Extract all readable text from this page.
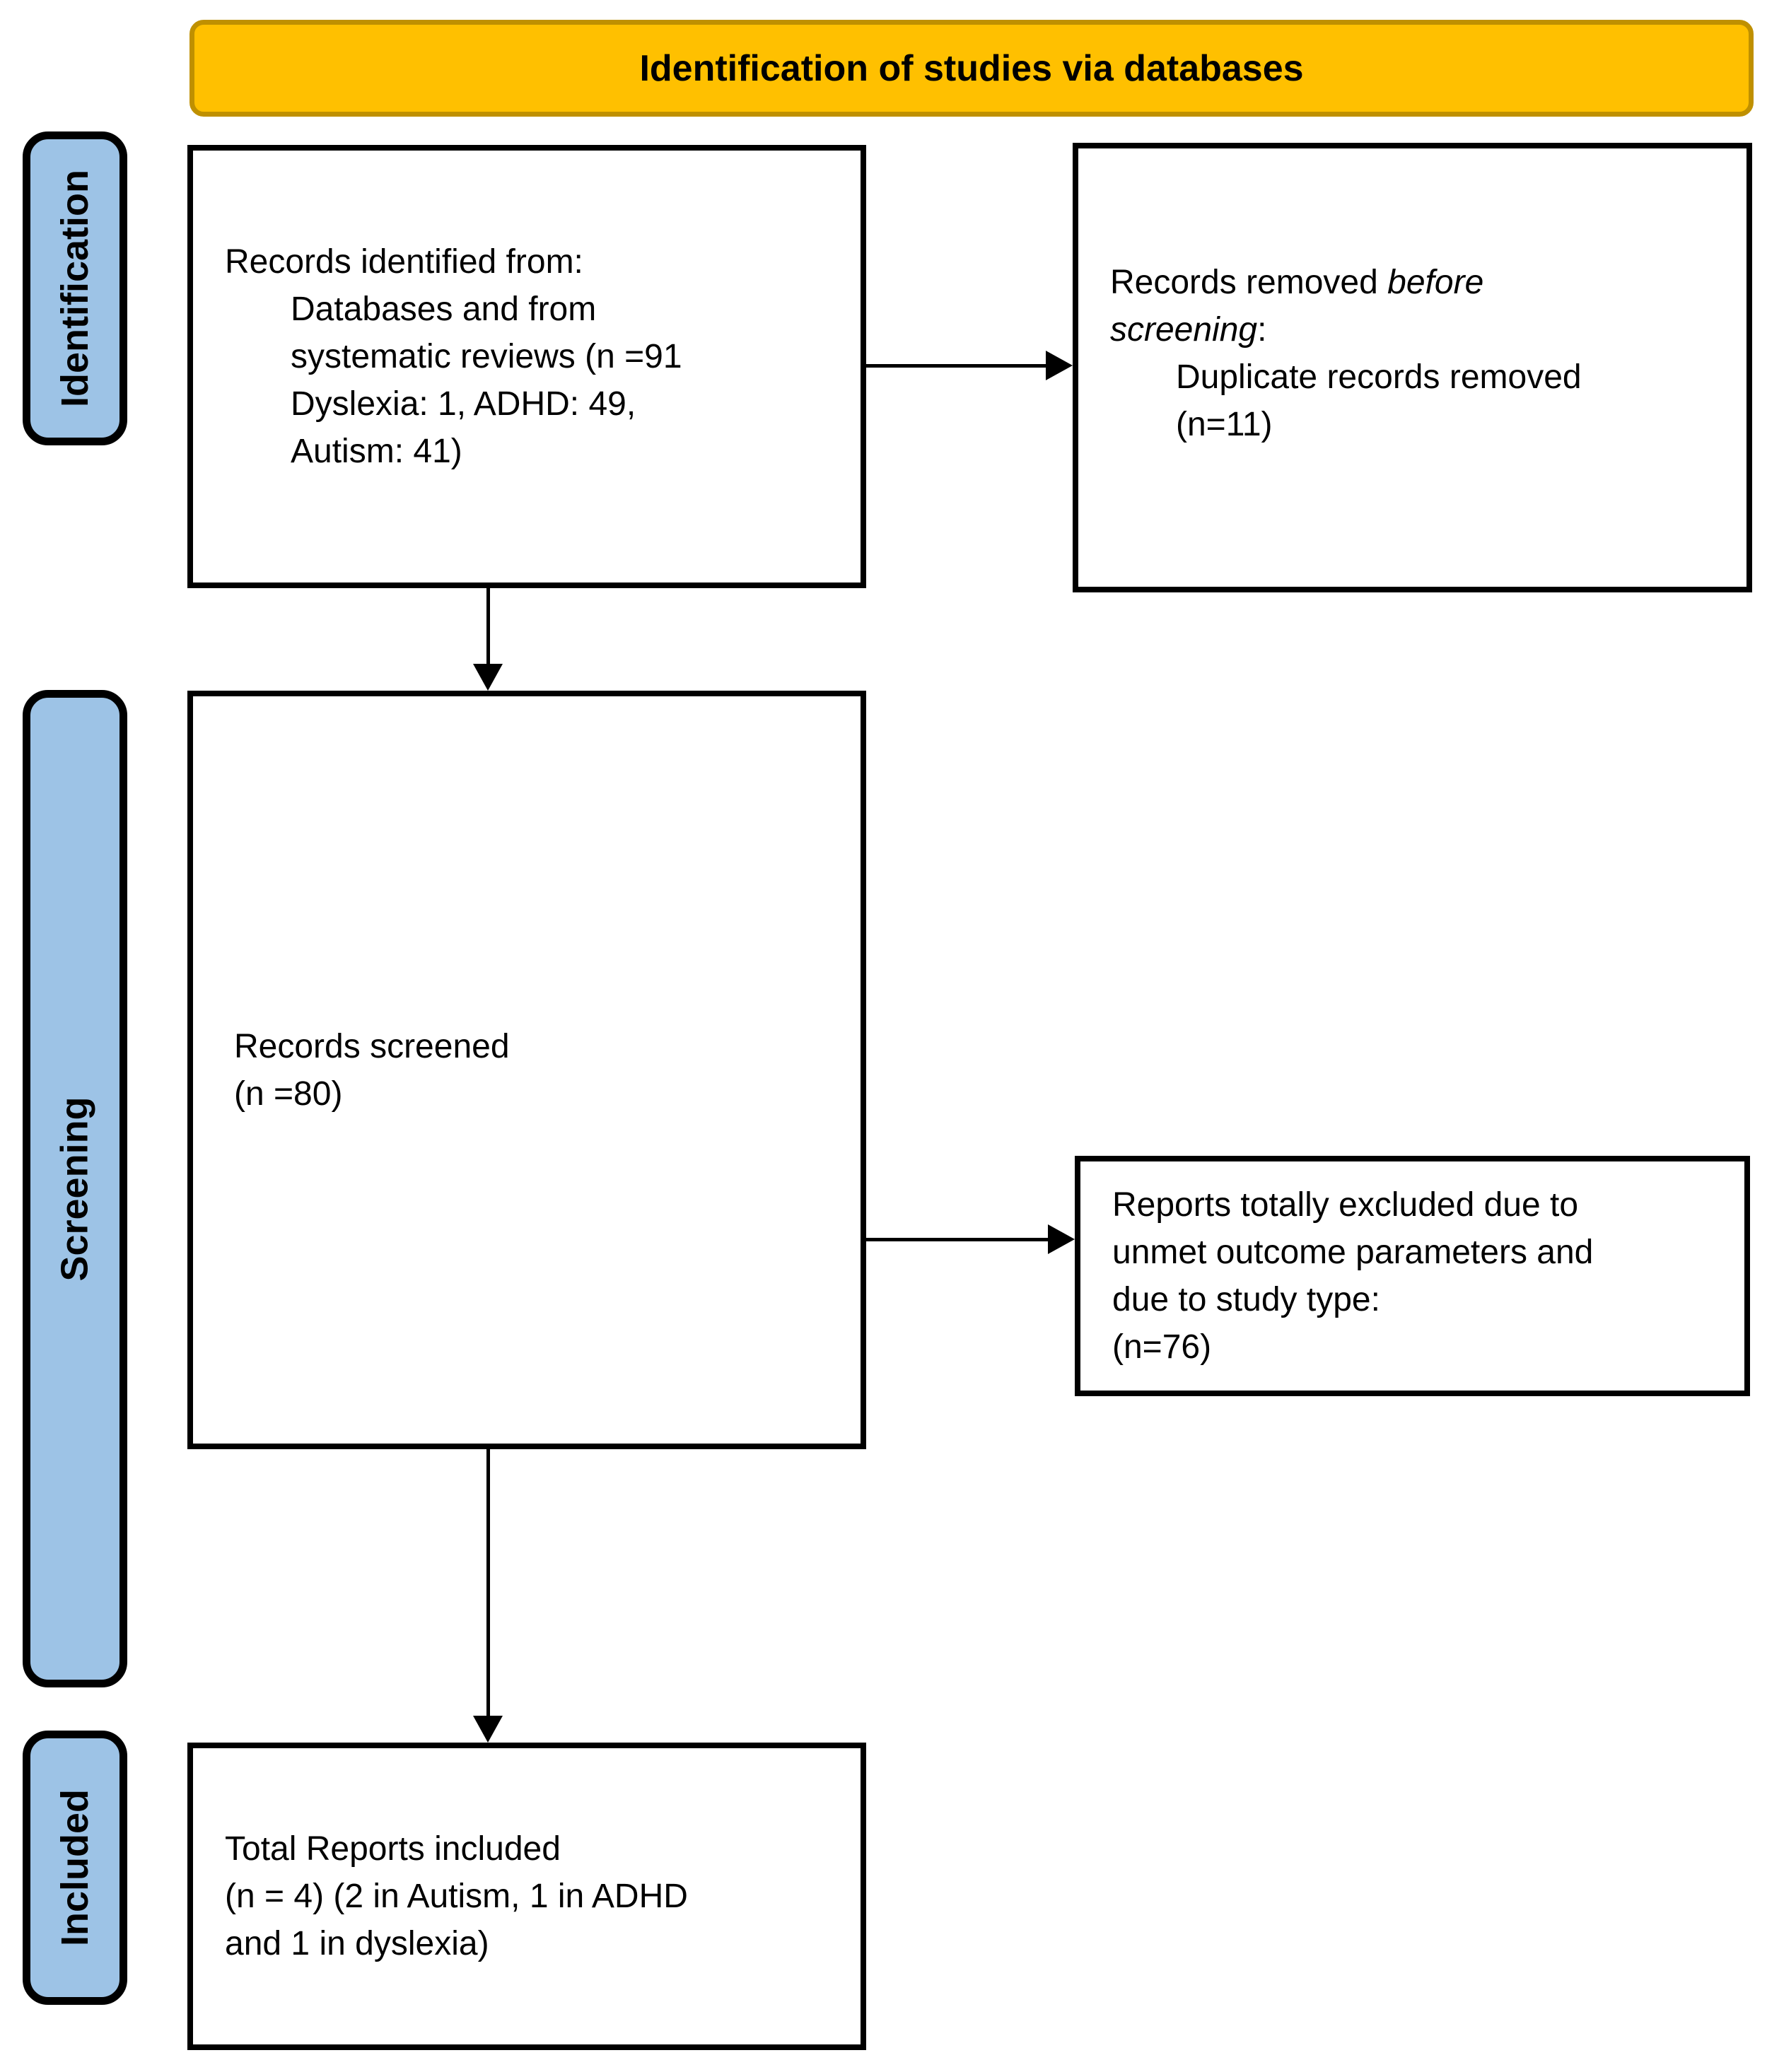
Identification of studies via databases
Identification
Screening
Included
Records identified from:
Databases and from
systematic reviews (n =91
Dyslexia: 1, ADHD: 49,
Autism: 41)
Records removed before
screening:
Duplicate records removed
(n=11)
Records screened
(n =80)
Reports totally excluded due to
unmet outcome parameters and
due to study type:
(n=76)
Total Reports included
(n = 4) (2 in Autism, 1 in ADHD
and 1 in dyslexia)
